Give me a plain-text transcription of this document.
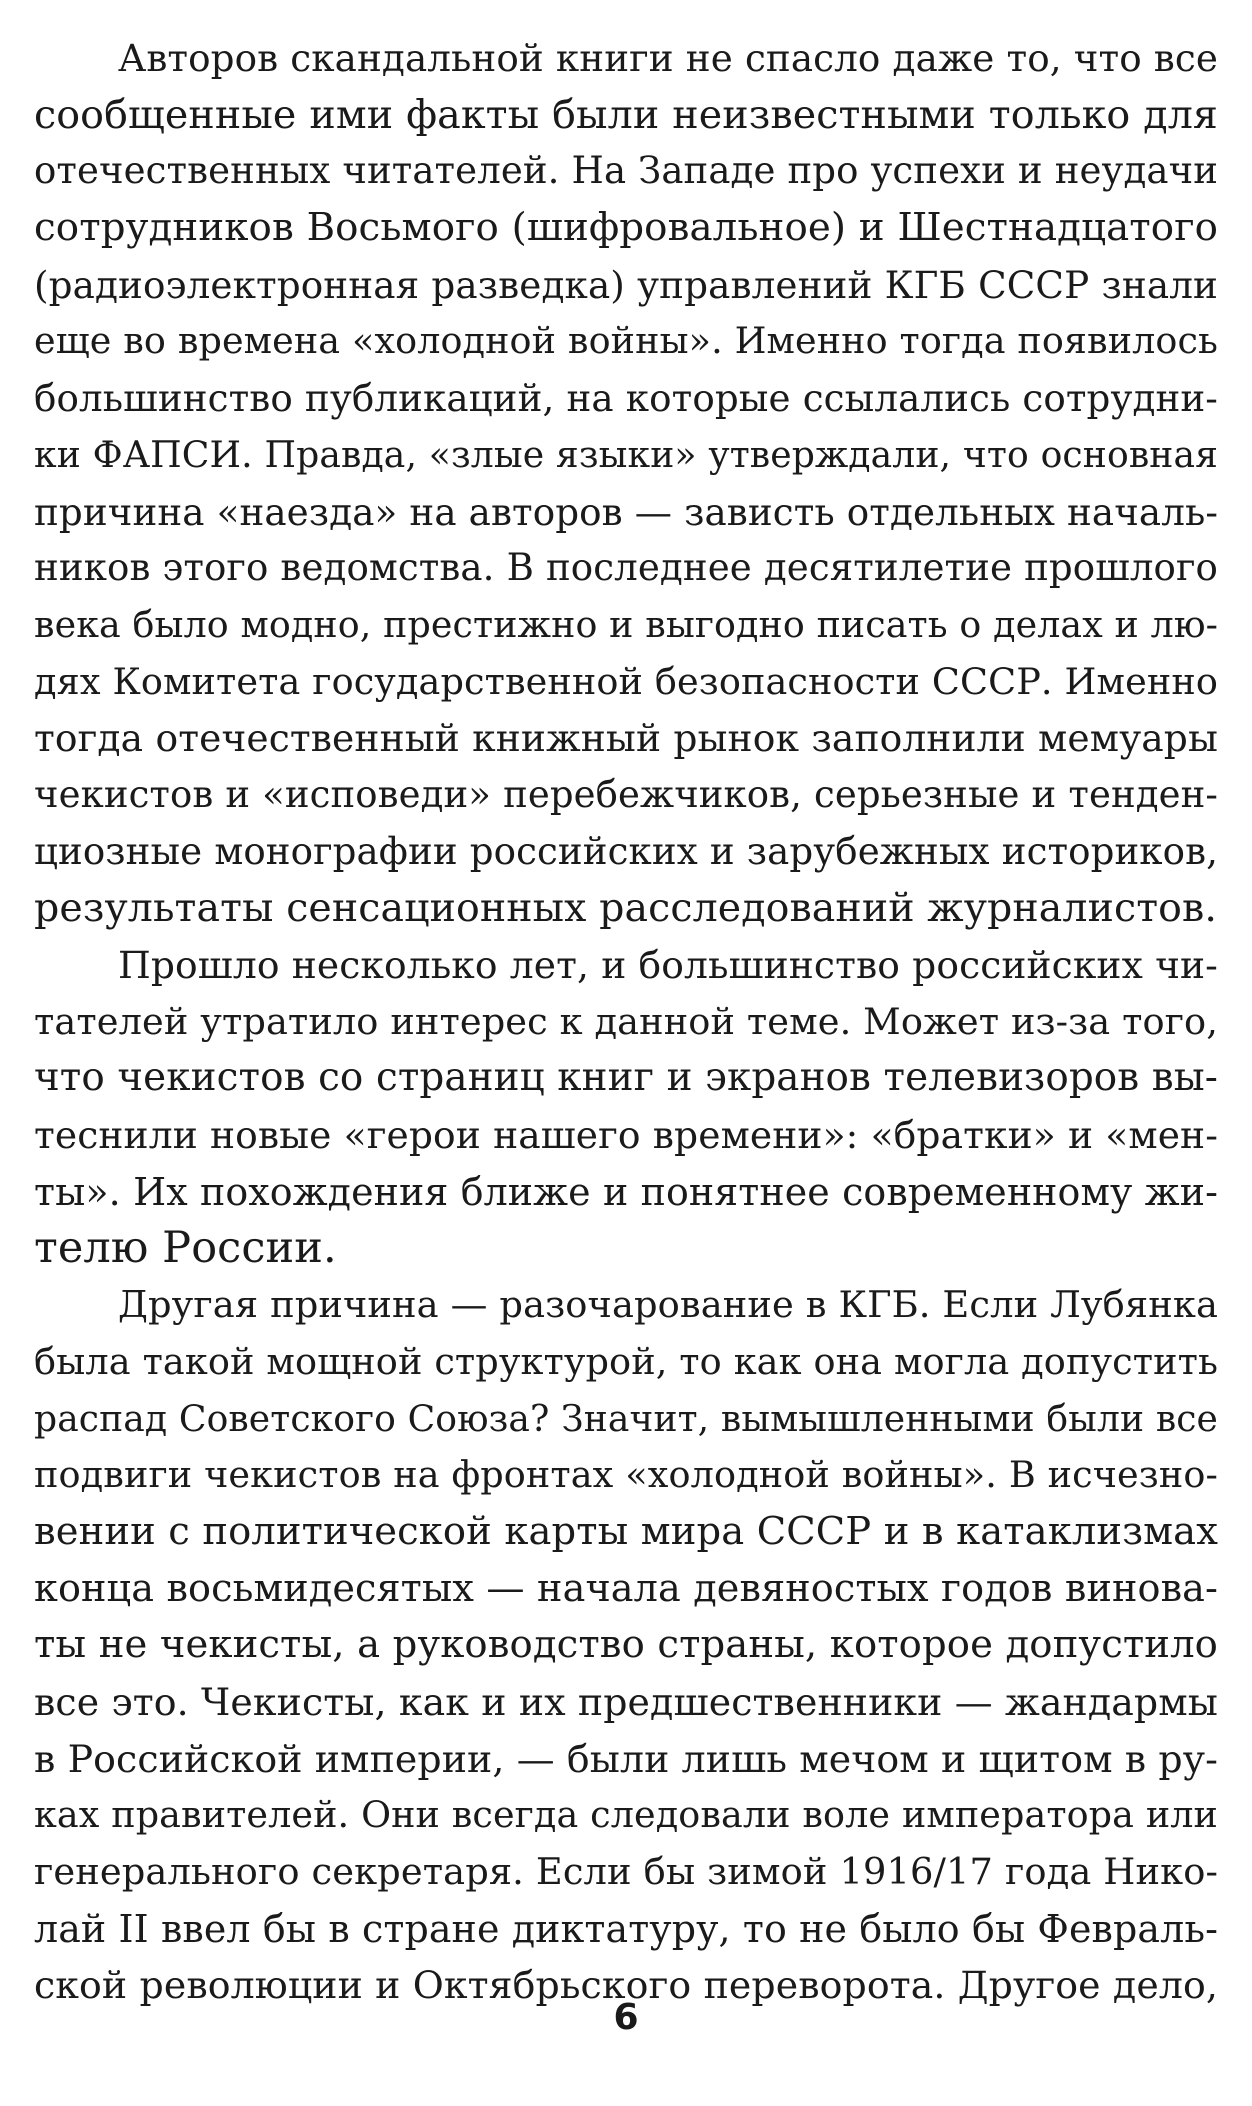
Авторов скандальной книги не спасло даже то, что все
сообщенные ими факты были неизвестными только для
отечественных читателей. На Западе про успехи и неудачи
сотрудников Восьмого (шифровальное) и Шестнадцатого
(радиоэлектронная разведка) управлений КГБ СССР знали
еще во времена «холодной войны». Именно тогда появилось
большинство публикаций, на которые ссылались сотрудни-
ки ФАПСИ. Правда, «злые языки» утверждали, что основная
причина «наезда» на авторов — зависть отдельных началь-
ников этого ведомства. В последнее десятилетие прошлого
века было модно, престижно и выгодно писать о делах и лю-
дях Комитета государственной безопасности СССР. Именно
тогда отечественный книжный рынок заполнили мемуары
чекистов и «исповеди» перебежчиков, серьезные и тенден-
циозные монографии российских и зарубежных историков,
результаты сенсационных расследований журналистов.
Прошло несколько лет, и большинство российских чи-
тателей утратило интерес к данной теме. Может из-за того,
что чекистов со страниц книг и экранов телевизоров вы-
теснили новые «герои нашего времени»: «братки» и «мен-
ты». Их похождения ближе и понятнее современному жи-
телю России.
Другая причина — разочарование в КГБ. Если Лубянка
была такой мощной структурой, то как она могла допустить
распад Советского Союза? Значит, вымышленными были все
подвиги чекистов на фронтах «холодной войны». В исчезно-
вении с политической карты мира СССР и в катаклизмах
конца восьмидесятых — начала девяностых годов винова-
ты не чекисты, а руководство страны, которое допустило
все это. Чекисты, как и их предшественники — жандармы
в Российской империи, — были лишь мечом и щитом в ру-
ках правителей. Они всегда следовали воле императора или
генерального секретаря. Если бы зимой 1916/17 года Нико-
лай II ввел бы в стране диктатуру, то не было бы Февраль-
ской революции и Октябрьского переворота. Другое дело,
6
